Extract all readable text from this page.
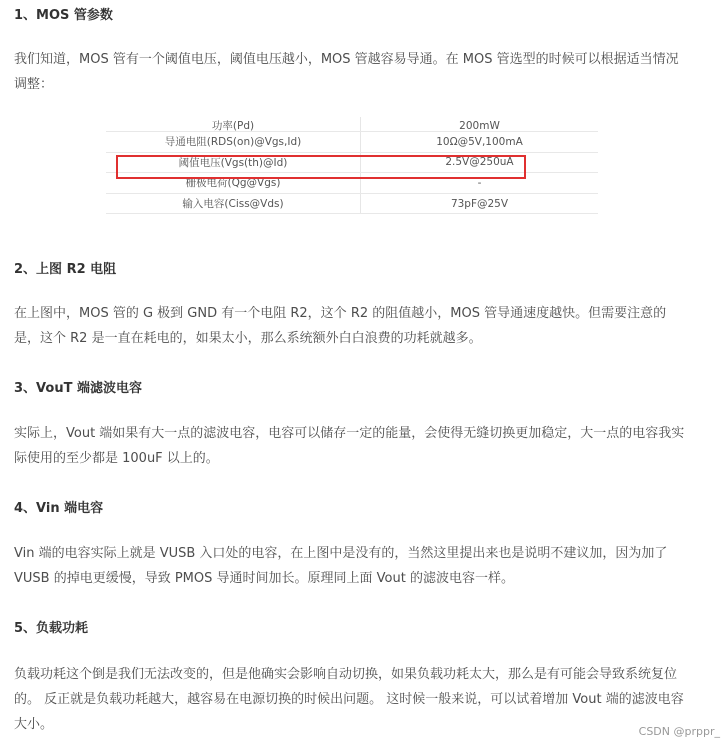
1、MOS 管参数
我们知道，MOS 管有一个阈值电压，阈值电压越小，MOS 管越容易导通。在 MOS 管选型的时候可以根据适当情况调整：
功率(Pd)	200mW
导通电阻(RDS(on)@Vgs,Id)	10Ω@5V,100mA
阈值电压(Vgs(th)@Id)	2.5V@250uA
栅极电荷(Qg@Vgs)	-
输入电容(Ciss@Vds)	73pF@25V
2、上图 R2 电阻
在上图中，MOS 管的 G 极到 GND 有一个电阻 R2，这个 R2 的阻值越小，MOS 管导通速度越快。但需要注意的是，这个 R2 是一直在耗电的，如果太小，那么系统额外白白浪费的功耗就越多。
3、VouT 端滤波电容
实际上，Vout 端如果有大一点的滤波电容，电容可以储存一定的能量，会使得无缝切换更加稳定，大一点的电容我实际使用的至少都是 100uF 以上的。
4、Vin 端电容
Vin 端的电容实际上就是 VUSB 入口处的电容，在上图中是没有的，当然这里提出来也是说明不建议加，因为加了 VUSB 的掉电更缓慢，导致 PMOS 导通时间加长。原理同上面 Vout 的滤波电容一样。
5、负载功耗
负载功耗这个倒是我们无法改变的，但是他确实会影响自动切换，如果负载功耗太大，那么是有可能会导致系统复位的。 反正就是负载功耗越大，越容易在电源切换的时候出问题。 这时候一般来说，可以试着增加 Vout 端的滤波电容大小。	CSDN @prppr_
